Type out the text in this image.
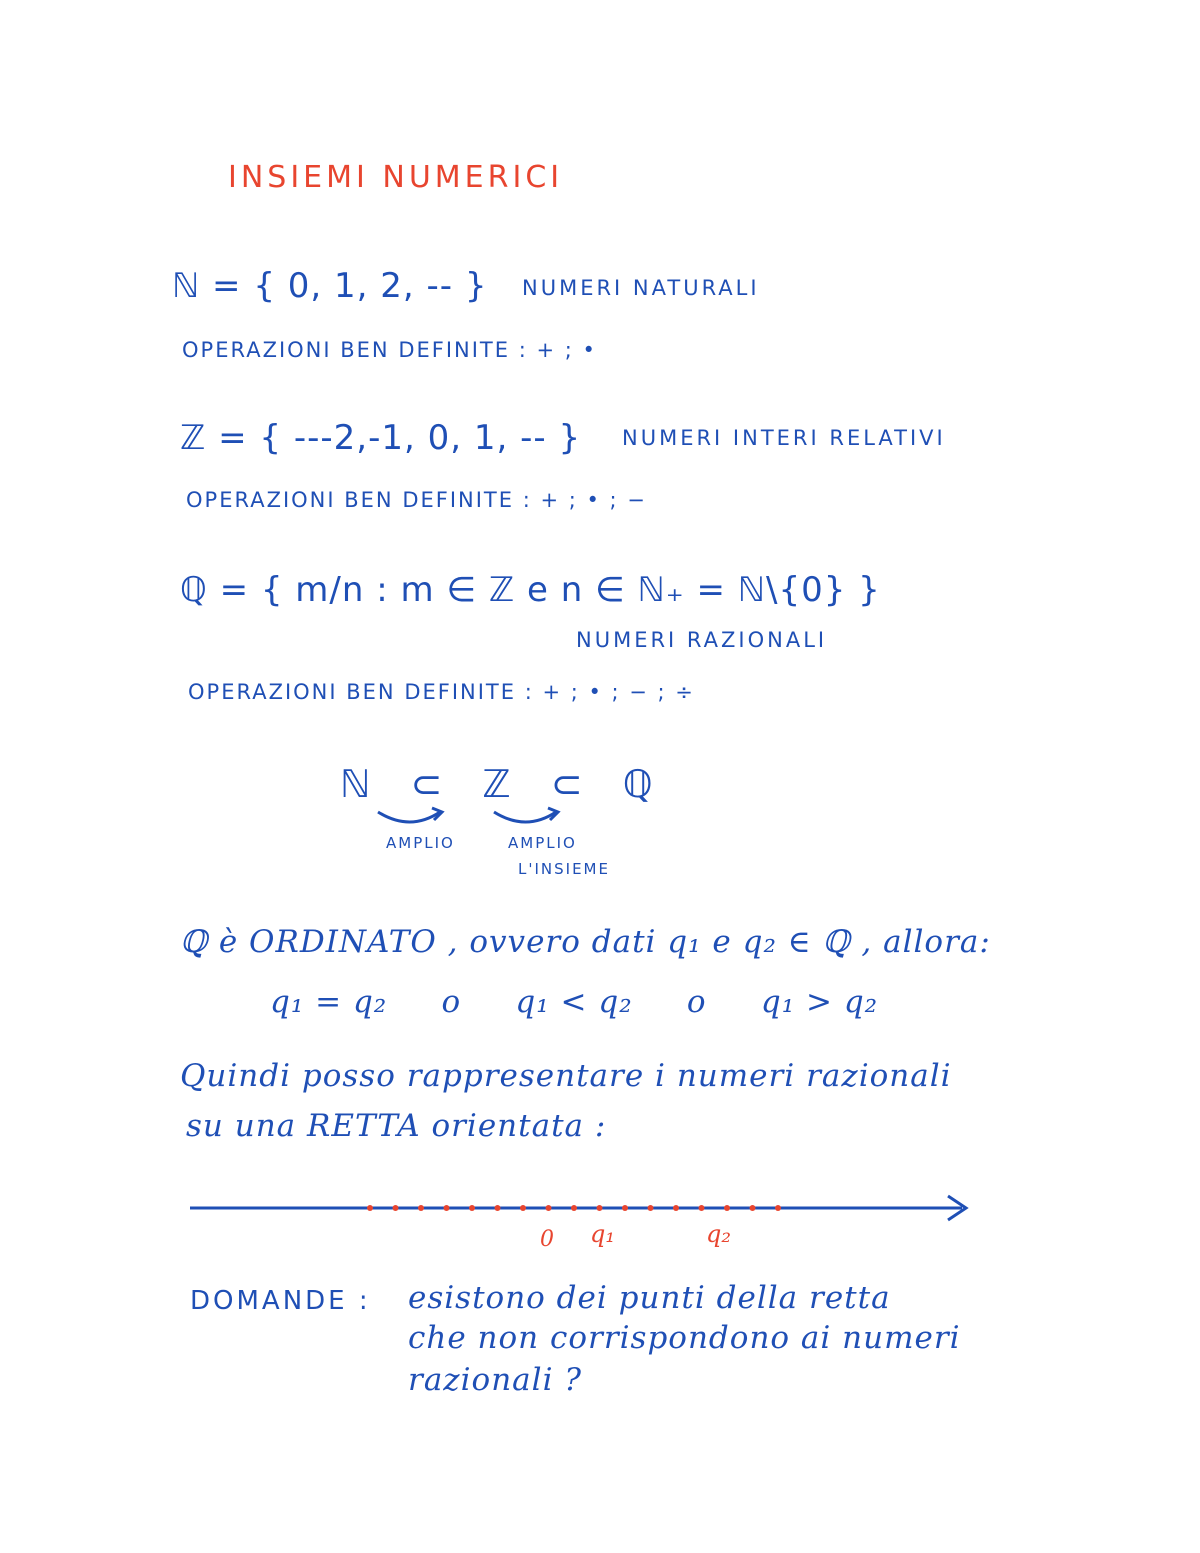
INSIEMI NUMERICI
ℕ = { 0, 1, 2, -- } NUMERI NATURALI
OPERAZIONI BEN DEFINITE : + ; •
ℤ = { ---2,-1, 0, 1, -- } NUMERI INTERI RELATIVI
OPERAZIONI BEN DEFINITE : + ; • ; −
ℚ = { m/n : m ∈ ℤ e n ∈ ℕ₊ = ℕ\{0} }
NUMERI RAZIONALI
OPERAZIONI BEN DEFINITE : + ; • ; − ; ÷
ℕ ⊂ ℤ ⊂ ℚ
AMPLIO	AMPLIO
L'INSIEME
ℚ è ORDINATO , ovvero dati q₁ e q₂ ∈ ℚ , allora:
q₁ = q₂     o     q₁ < q₂     o     q₁ > q₂
Quindi posso rappresentare i numeri razionali
su una RETTA orientata :
0 q₁	q₂
DOMANDE : esistono dei punti della retta
che non corrispondono ai numeri
razionali ?
